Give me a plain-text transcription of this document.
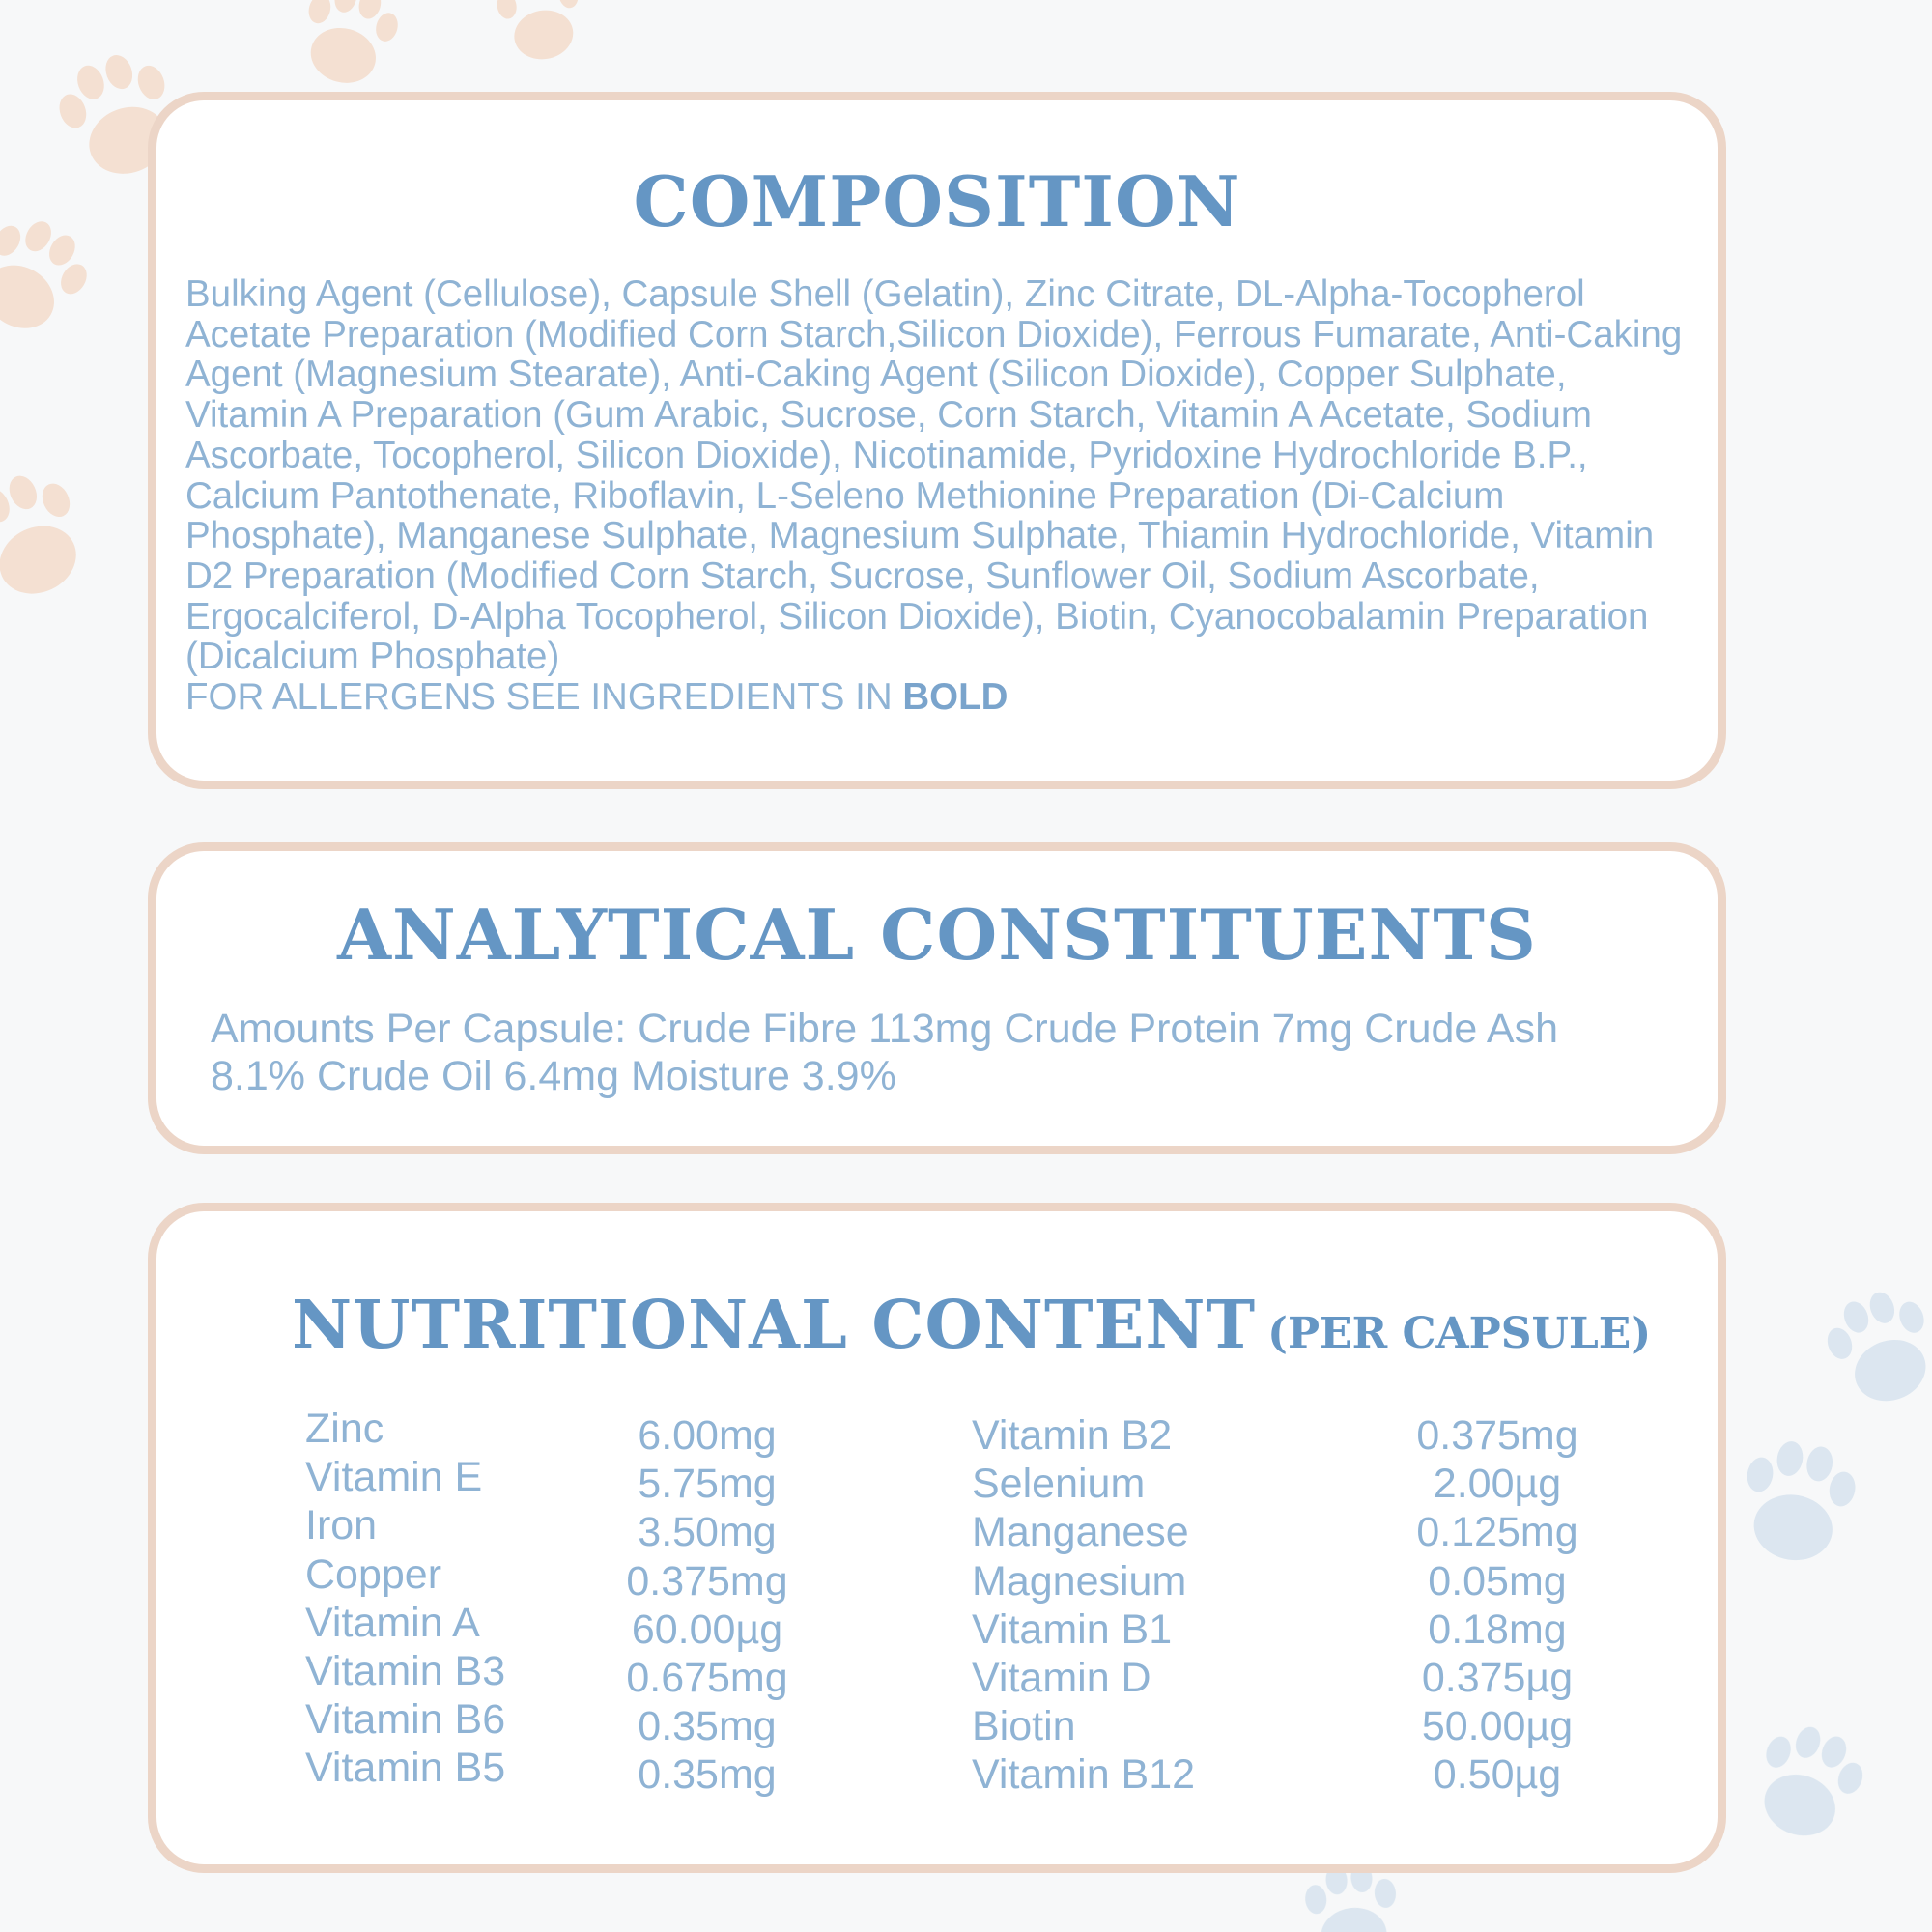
COMPOSITION
Bulking Agent (Cellulose), Capsule Shell (Gelatin), Zinc Citrate, DL-Alpha-Tocopherol Acetate Preparation (Modified Corn Starch,Silicon Dioxide), Ferrous Fumarate, Anti-Caking Agent (Magnesium Stearate), Anti-Caking Agent (Silicon Dioxide), Copper Sulphate, Vitamin A Preparation (Gum Arabic, Sucrose, Corn Starch, Vitamin A Acetate, Sodium Ascorbate, Tocopherol, Silicon Dioxide), Nicotinamide, Pyridoxine Hydrochloride B.P., Calcium Pantothenate, Riboflavin, L-Seleno Methionine Preparation (Di-Calcium Phosphate), Manganese Sulphate, Magnesium Sulphate, Thiamin Hydrochloride, Vitamin D2 Preparation (Modified Corn Starch, Sucrose, Sunflower Oil, Sodium Ascorbate, Ergocalciferol, D-Alpha Tocopherol, Silicon Dioxide), Biotin, Cyanocobalamin Preparation (Dicalcium Phosphate)
FOR ALLERGENS SEE INGREDIENTS IN BOLD
ANALYTICAL CONSTITUENTS
Amounts Per Capsule: Crude Fibre 113mg Crude Protein 7mg Crude Ash 8.1% Crude Oil 6.4mg Moisture 3.9%
NUTRITIONAL CONTENT (PER CAPSULE)
Zinc
Vitamin E
Iron
Copper
Vitamin A
Vitamin B3
Vitamin B6
Vitamin B5
6.00mg
5.75mg
3.50mg
0.375mg
60.00µg
0.675mg
0.35mg
0.35mg
Vitamin B2
Selenium
Manganese
Magnesium
Vitamin B1
Vitamin D
Biotin
Vitamin B12
0.375mg
2.00µg
0.125mg
0.05mg
0.18mg
0.375µg
50.00µg
0.50µg
